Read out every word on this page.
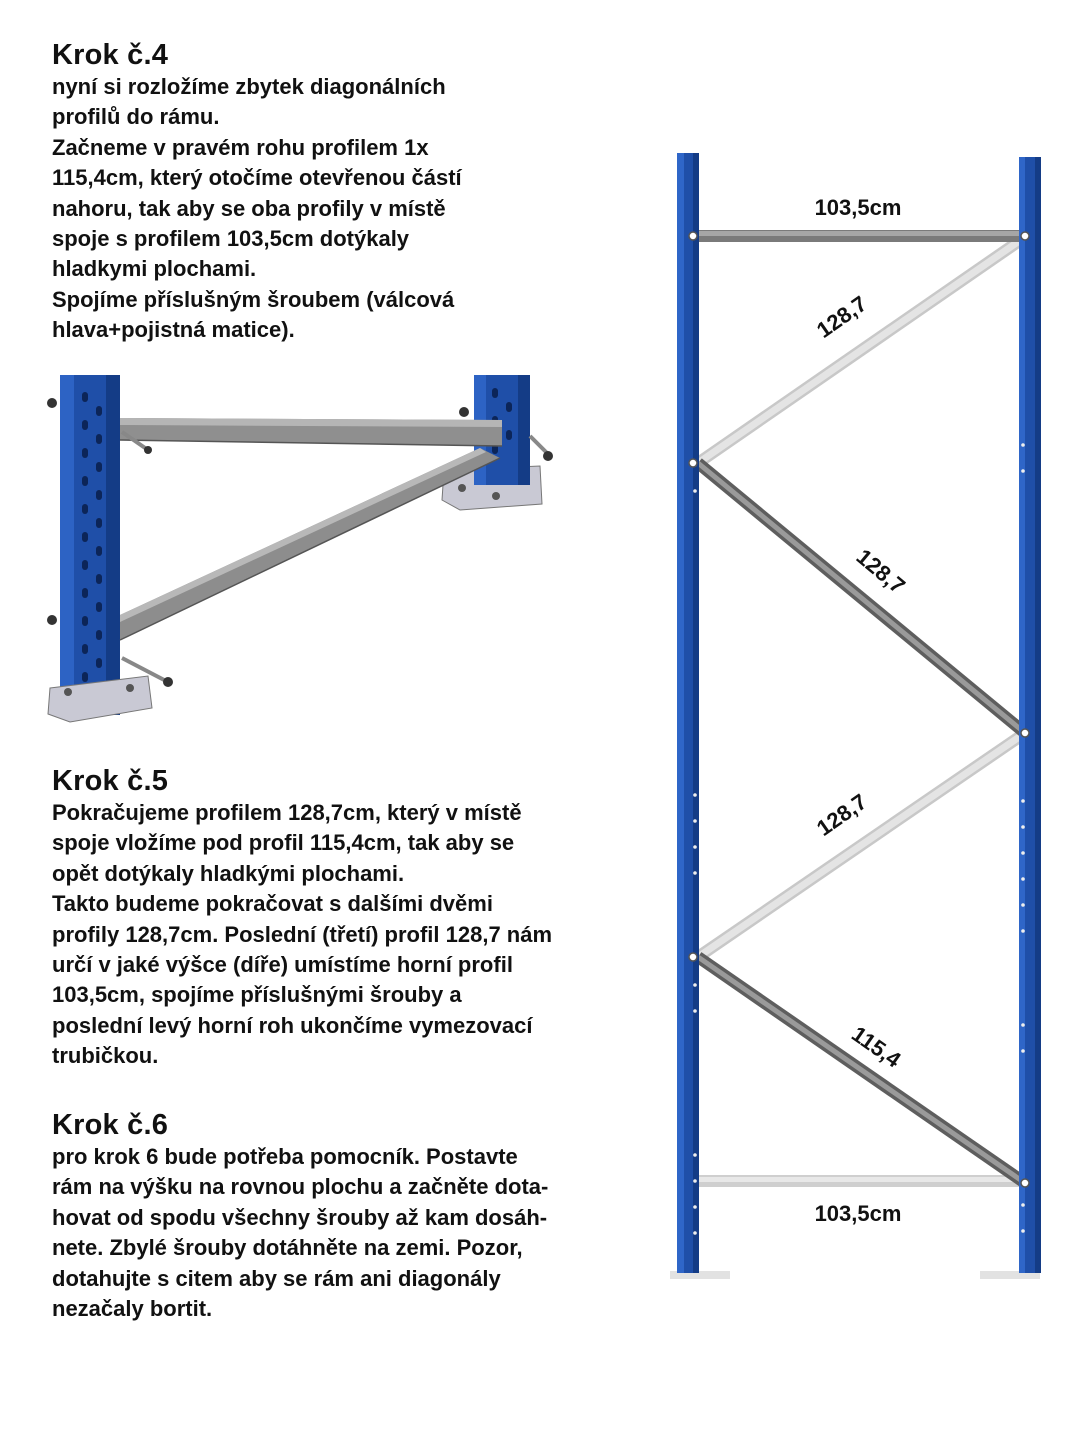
Krok č.4
nyní si rozložíme zbytek diagonálních
profilů do rámu.
Začneme v pravém rohu profilem 1x
115,4cm, který otočíme otevřenou částí
nahoru, tak aby se oba profily v místě
spoje s profilem 103,5cm dotýkaly
hladkymi plochami.
Spojíme příslušným šroubem (válcová
hlava+pojistná matice).
Krok č.5
Pokračujeme profilem 128,7cm, který v místě
spoje vložíme pod profil 115,4cm, tak aby se
opět dotýkaly hladkými plochami.
Takto budeme pokračovat s dalšími dvěmi
profily 128,7cm. Poslední (třetí) profil 128,7 nám
určí v jaké výšce (díře) umístíme horní profil
103,5cm, spojíme příslušnými šrouby a
poslední levý horní roh ukončíme vymezovací
trubičkou.
Krok č.6
pro krok 6 bude potřeba pomocník. Postavte
rám na výšku na rovnou plochu a začněte dota-
hovat od spodu všechny šrouby až kam dosáh-
nete. Zbylé šrouby dotáhněte na zemi. Pozor,
dotahujte s citem aby se rám ani diagonály
nezačaly bortit.
103,5cm
128,7
128,7
128,7
115,4
103,5cm
